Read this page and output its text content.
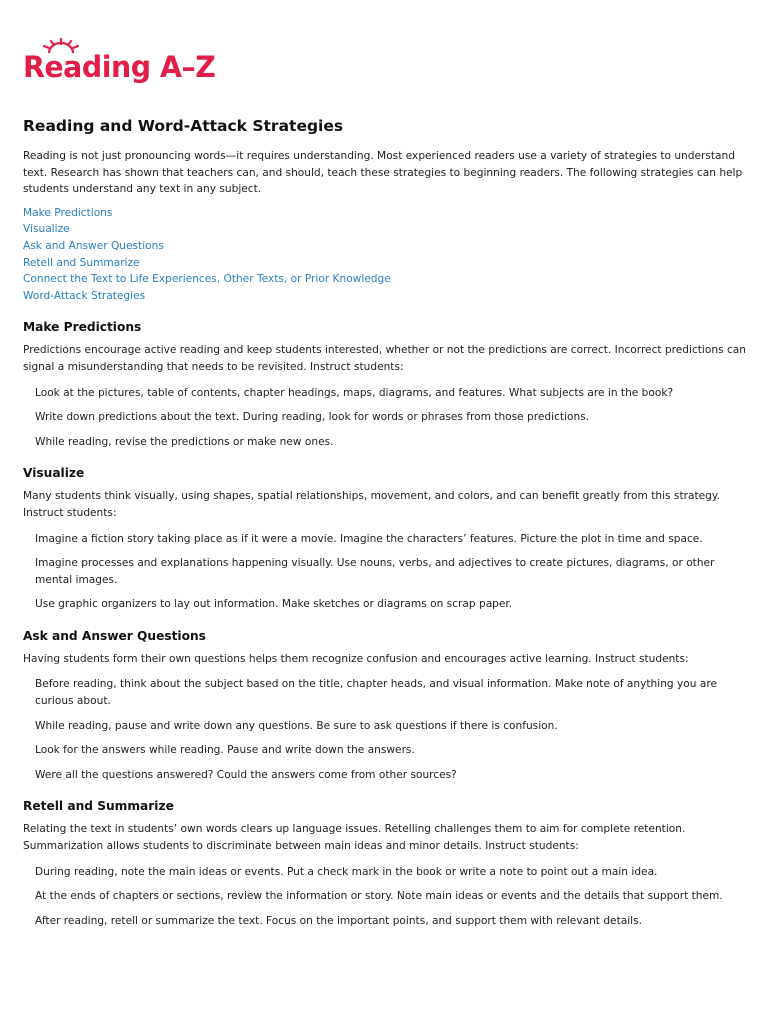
Reading A–Z
Reading and Word-Attack Strategies

Reading is not just pronouncing words—it requires understanding. Most experienced readers use a variety of strategies to understand text. Research has shown that teachers can, and should, teach these strategies to beginning readers. The following strategies can help students understand any text in any subject.

Make Predictions
Visualize
Ask and Answer Questions
Retell and Summarize
Connect the Text to Life Experiences, Other Texts, or Prior Knowledge
Word-Attack Strategies
Make Predictions

Predictions encourage active reading and keep students interested, whether or not the predictions are correct. Incorrect predictions can signal a misunderstanding that needs to be revisited. Instruct students:

Look at the pictures, table of contents, chapter headings, maps, diagrams, and features. What subjects are in the book?
Write down predictions about the text. During reading, look for words or phrases from those predictions.
While reading, revise the predictions or make new ones.
Visualize

Many students think visually, using shapes, spatial relationships, movement, and colors, and can benefit greatly from this strategy. Instruct students:

Imagine a fiction story taking place as if it were a movie. Imagine the characters’ features. Picture the plot in time and space.
Imagine processes and explanations happening visually. Use nouns, verbs, and adjectives to create pictures, diagrams, or other mental images.
Use graphic organizers to lay out information. Make sketches or diagrams on scrap paper.
Ask and Answer Questions

Having students form their own questions helps them recognize confusion and encourages active learning. Instruct students:

Before reading, think about the subject based on the title, chapter heads, and visual information. Make note of anything you are curious about.
While reading, pause and write down any questions. Be sure to ask questions if there is confusion.
Look for the answers while reading. Pause and write down the answers.
Were all the questions answered? Could the answers come from other sources?
Retell and Summarize

Relating the text in students’ own words clears up language issues. Retelling challenges them to aim for complete retention. Summarization allows students to discriminate between main ideas and minor details. Instruct students:

During reading, note the main ideas or events. Put a check mark in the book or write a note to point out a main idea.
At the ends of chapters or sections, review the information or story. Note main ideas or events and the details that support them.
After reading, retell or summarize the text. Focus on the important points, and support them with relevant details.
